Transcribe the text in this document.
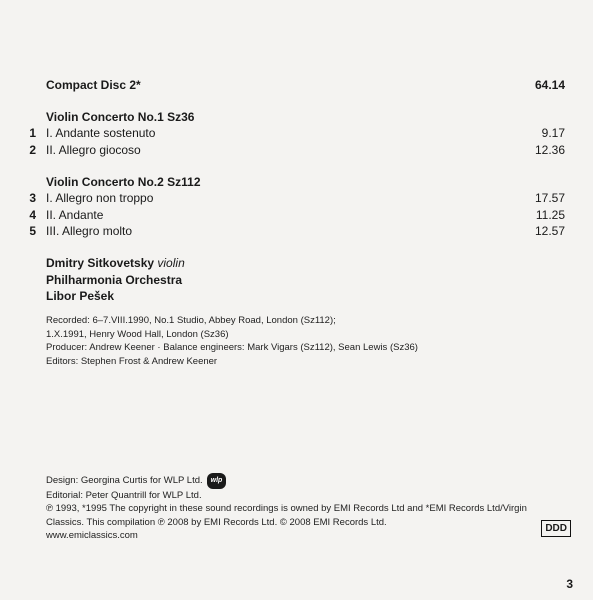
Compact Disc 2*	64.14
Violin Concerto No.1 Sz36
1 I. Andante sostenuto	9.17
2 II. Allegro giocoso	12.36
Violin Concerto No.2 Sz112
3 I. Allegro non troppo	17.57
4 II. Andante	11.25
5 III. Allegro molto	12.57
Dmitry Sitkovetsky violin
Philharmonia Orchestra
Libor Pešek
Recorded: 6–7.VIII.1990, No.1 Studio, Abbey Road, London (Sz112);
1.X.1991, Henry Wood Hall, London (Sz36)
Producer: Andrew Keener · Balance engineers: Mark Vigars (Sz112), Sean Lewis (Sz36)
Editors: Stephen Frost & Andrew Keener
Design: Georgina Curtis for WLP Ltd. wlp
Editorial: Peter Quantrill for WLP Ltd.
℗ 1993, *1995 The copyright in these sound recordings is owned by EMI Records Ltd and *EMI Records Ltd/Virgin Classics. This compilation ℗ 2008 by EMI Records Ltd. © 2008 EMI Records Ltd.
www.emiclassics.com
DDD
3
